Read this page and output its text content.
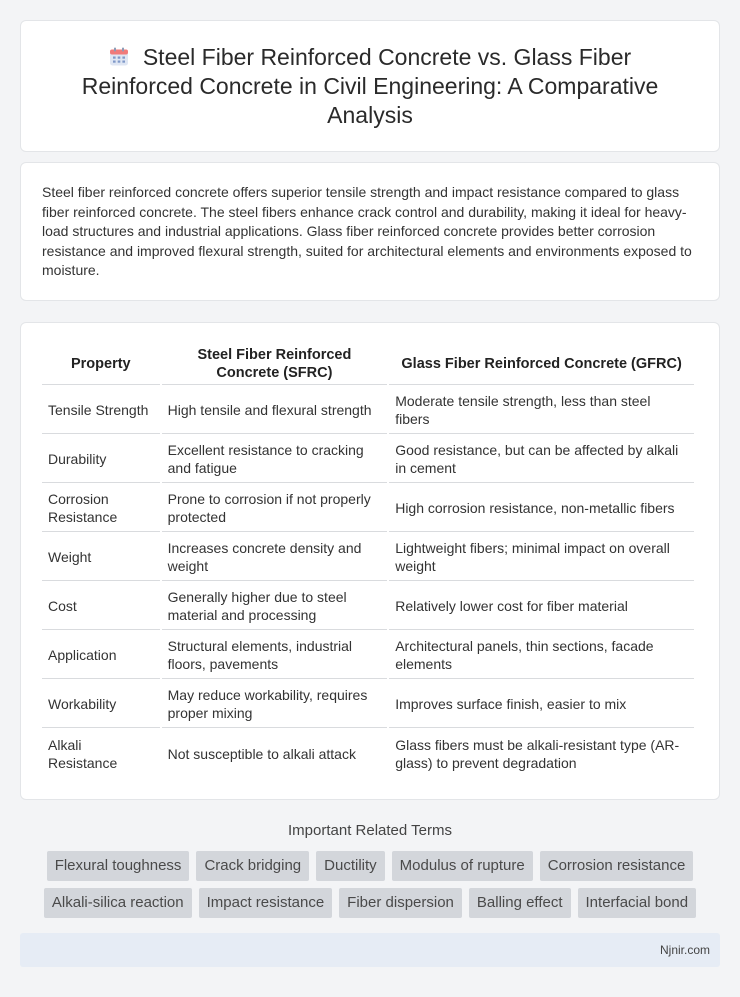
Steel Fiber Reinforced Concrete vs. Glass Fiber Reinforced Concrete in Civil Engineering: A Comparative Analysis

Steel fiber reinforced concrete offers superior tensile strength and impact resistance compared to glass fiber reinforced concrete. The steel fibers enhance crack control and durability, making it ideal for heavy-load structures and industrial applications. Glass fiber reinforced concrete provides better corrosion resistance and improved flexural strength, suited for architectural elements and environments exposed to moisture.

Property	Steel Fiber Reinforced Concrete (SFRC)	Glass Fiber Reinforced Concrete (GFRC)
Tensile Strength	High tensile and flexural strength	Moderate tensile strength, less than steel fibers
Durability	Excellent resistance to cracking and fatigue	Good resistance, but can be affected by alkali in cement
Corrosion Resistance	Prone to corrosion if not properly protected	High corrosion resistance, non-metallic fibers
Weight	Increases concrete density and weight	Lightweight fibers; minimal impact on overall weight
Cost	Generally higher due to steel material and processing	Relatively lower cost for fiber material
Application	Structural elements, industrial floors, pavements	Architectural panels, thin sections, facade elements
Workability	May reduce workability, requires proper mixing	Improves surface finish, easier to mix
Alkali Resistance	Not susceptible to alkali attack	Glass fibers must be alkali-resistant type (AR-glass) to prevent degradation
Important Related Terms
Flexural toughness	Crack bridging	Ductility	Modulus of rupture	Corrosion resistance
Alkali-silica reaction	Impact resistance	Fiber dispersion	Balling effect	Interfacial bond
Njnir.com
